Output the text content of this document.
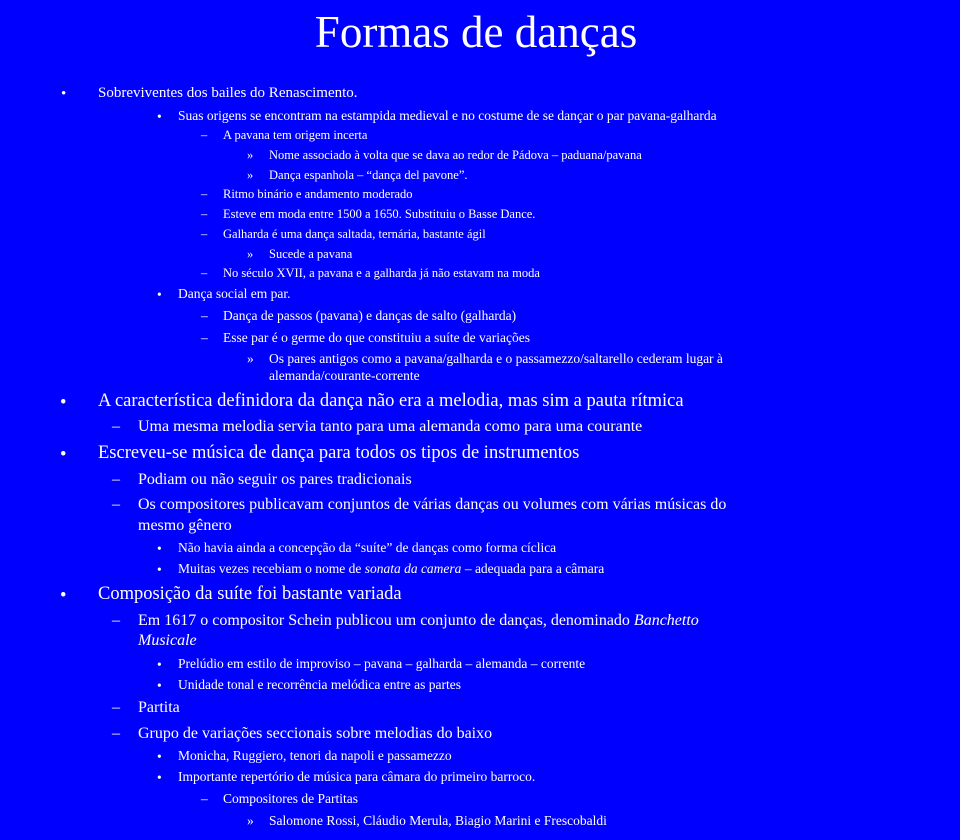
Formas de danças
• Sobreviventes dos bailes do Renascimento.
• Suas origens se encontram na estampida medieval e no costume de se dançar o par pavana-galharda
– A pavana tem origem incerta
» Nome associado à volta que se dava ao redor de Pádova – paduana/pavana
» Dança espanhola – “dança del pavone”.
– Ritmo binário e andamento moderado
– Esteve em moda entre 1500 a 1650. Substituiu o Basse Dance.
– Galharda é uma dança saltada, ternária, bastante ágil
» Sucede a pavana
– No século XVII, a pavana e a galharda já não estavam na moda
• Dança social em par.
– Dança de passos (pavana) e danças de salto (galharda)
– Esse par é o germe do que constituiu a suíte de variações
» Os pares antigos como a pavana/galharda e o passamezzo/saltarello cederam lugar à
alemanda/courante-corrente
• A característica definidora da dança não era a melodia, mas sim a pauta rítmica
– Uma mesma melodia servia tanto para uma alemanda como para uma courante
• Escreveu-se música de dança para todos os tipos de instrumentos
– Podiam ou não seguir os pares tradicionais
– Os compositores publicavam conjuntos de várias danças ou volumes com várias músicas do
mesmo gênero
• Não havia ainda a concepção da “suíte” de danças como forma cíclica
• Muitas vezes recebiam o nome de sonata da camera – adequada para a câmara
• Composição da suíte foi bastante variada
– Em 1617 o compositor Schein publicou um conjunto de danças, denominado Banchetto
Musicale
• Prelúdio em estilo de improviso – pavana – galharda – alemanda – corrente
• Unidade tonal e recorrência melódica entre as partes
– Partita
– Grupo de variações seccionais sobre melodias do baixo
• Monicha, Ruggiero, tenori da napoli e passamezzo
• Importante repertório de música para câmara do primeiro barroco.
– Compositores de Partitas
» Salomone Rossi, Cláudio Merula, Biagio Marini e Frescobaldi
